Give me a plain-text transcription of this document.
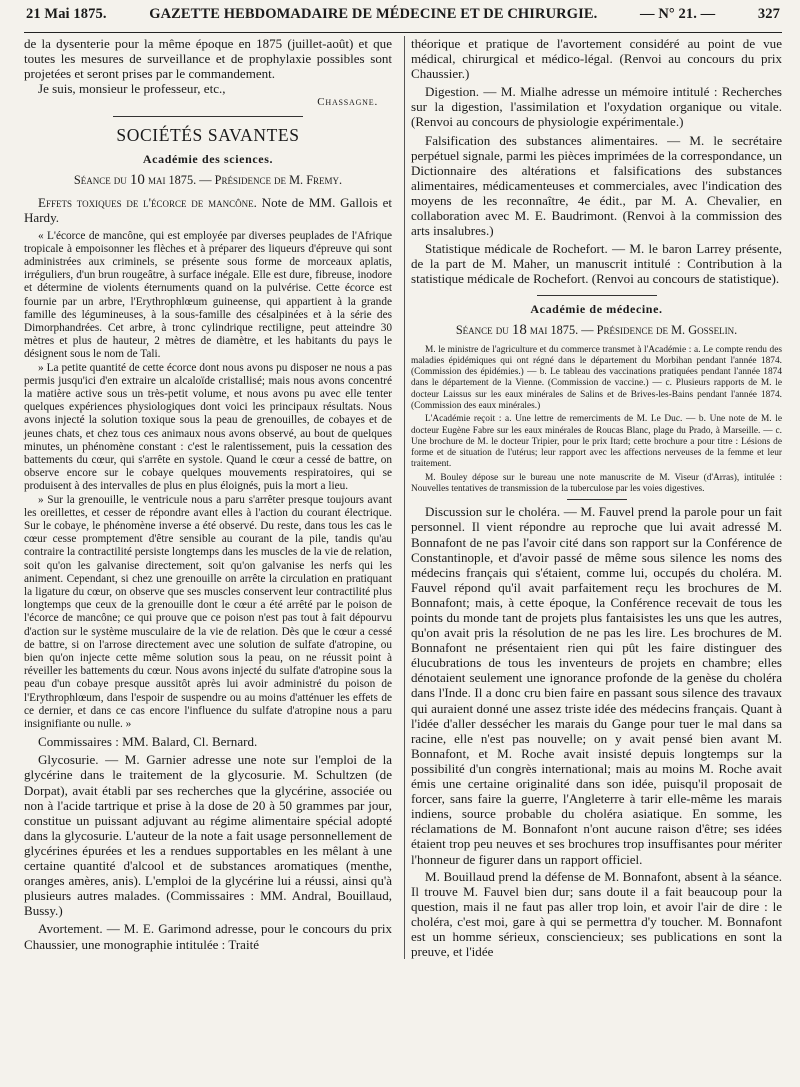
21 Mai 1875.	GAZETTE HEBDOMADAIRE DE MÉDECINE ET DE CHIRURGIE.	— N° 21. —	327

de la dysenterie pour la même époque en 1875 (juillet-août) et que toutes les mesures de surveillance et de prophylaxie possibles sont projetées et seront prises par le commandement.

Je suis, monsieur le professeur, etc.,

Chassagne.

SOCIÉTÉS SAVANTES
Académie des sciences.
Séance du 10 mai 1875. — Présidence de M. Fremy.

Effets toxiques de l'écorce de mancône. Note de MM. Gallois et Hardy.

« L'écorce de mancône, qui est employée par diverses peuplades de l'Afrique tropicale à empoisonner les flèches et à préparer des liqueurs d'épreuve qui sont administrées aux criminels, se présente sous forme de morceaux aplatis, irréguliers, d'un brun rougeâtre, à surface inégale. Elle est dure, fibreuse, inodore et détermine de violents éternuments quand on la pulvérise. Cette écorce est fournie par un arbre, l'Erythrophlœum guineense, qui appartient à la grande famille des légumineuses, à la sous-famille des césalpinées et à la série des Dimorphandrées. Cet arbre, à tronc cylindrique rectiligne, peut atteindre 30 mètres et plus de hauteur, 2 mètres de diamètre, et les habitants du pays le désignent sous le nom de Tali.

» La petite quantité de cette écorce dont nous avons pu disposer ne nous a pas permis jusqu'ici d'en extraire un alcaloïde cristallisé; mais nous avons concentré la matière active sous un très-petit volume, et nous avons pu avec elle tenter quelques expériences physiologiques dont voici les principaux résultats. Nous avons injecté la solution toxique sous la peau de grenouilles, de cobayes et de jeunes chats, et chez tous ces animaux nous avons observé, au bout de quelques minutes, un phénomène constant : c'est le ralentissement, puis la cessation des battements du cœur, qui s'arrête en systole. Quand le cœur a cessé de battre, on observe encore sur le cobaye quelques mouvements respiratoires, qui se produisent à des intervalles de plus en plus éloignés, puis la mort a lieu.

» Sur la grenouille, le ventricule nous a paru s'arrêter presque toujours avant les oreillettes, et cesser de répondre avant elles à l'action du courant électrique. Sur le cobaye, le phénomène inverse a été observé. Du reste, dans tous les cas le cœur cesse promptement d'être sensible au courant de la pile, tandis qu'au contraire la contractilité persiste longtemps dans les muscles de la vie de relation, soit qu'on les galvanise directement, soit qu'on galvanise les nerfs qui les animent. Cependant, si chez une grenouille on arrête la circulation en pratiquant la ligature du cœur, on observe que ses muscles conservent leur contractilité plus longtemps que ceux de la grenouille dont le cœur a été arrêté par le poison de l'écorce de mancône; ce qui prouve que ce poison n'est pas tout à fait dépourvu d'action sur le système musculaire de la vie de relation. Dès que le cœur a cessé de battre, si on l'arrose directement avec une solution de sulfate d'atropine, ou bien qu'on injecte cette même solution sous la peau, on ne réussit point à réveiller les battements du cœur. Nous avons injecté du sulfate d'atropine sous la peau d'un cobaye presque aussitôt après lui avoir administré du poison de l'Erythrophlœum, dans l'espoir de suspendre ou au moins d'atténuer les effets de ce dernier, et dans ce cas encore l'influence du sulfate d'atropine nous a paru insignifiante ou nulle. »

Commissaires : MM. Balard, Cl. Bernard.

Glycosurie. — M. Garnier adresse une note sur l'emploi de la glycérine dans le traitement de la glycosurie. M. Schultzen (de Dorpat), avait établi par ses recherches que la glycérine, associée ou non à l'acide tartrique et prise à la dose de 20 à 50 grammes par jour, constitue un puissant adjuvant au régime alimentaire spécial adopté dans la glycosurie. L'auteur de la note a fait usage personnellement de glycérines épurées et les a rendues supportables en les mêlant à une certaine quantité d'alcool et de substances aromatiques (menthe, oranges amères, anis). L'emploi de la glycérine lui a réussi, ainsi qu'à plusieurs autres malades. (Commissaires : MM. Andral, Bouillaud, Bussy.)

Avortement. — M. E. Garimond adresse, pour le concours du prix Chaussier, une monographie intitulée : Traité

théorique et pratique de l'avortement considéré au point de vue médical, chirurgical et médico-légal. (Renvoi au concours du prix Chaussier.)

Digestion. — M. Mialhe adresse un mémoire intitulé : Recherches sur la digestion, l'assimilation et l'oxydation organique ou vitale. (Renvoi au concours de physiologie expérimentale.)

Falsification des substances alimentaires. — M. le secrétaire perpétuel signale, parmi les pièces imprimées de la correspondance, un Dictionnaire des altérations et falsifications des substances alimentaires, médicamenteuses et commerciales, avec l'indication des moyens de les reconnaître, 4e édit., par M. A. Chevalier, en collaboration avec M. E. Baudrimont. (Renvoi à la commission des arts insalubres.)

Statistique médicale de Rochefort. — M. le baron Larrey présente, de la part de M. Maher, un manuscrit intitulé : Contribution à la statistique médicale de Rochefort. (Renvoi au concours de statistique).

Académie de médecine.
Séance du 18 mai 1875. — Présidence de M. Gosselin.

M. le ministre de l'agriculture et du commerce transmet à l'Académie : a. Le compte rendu des maladies épidémiques qui ont régné dans le département du Morbihan pendant l'année 1874. (Commission des épidémies.) — b. Le tableau des vaccinations pratiquées pendant l'année 1874 dans le département de la Vienne. (Commission de vaccine.) — c. Plusieurs rapports de M. le docteur Laissus sur les eaux minérales de Salins et de Brives-les-Bains pendant l'année 1874. (Commission des eaux minérales.)

L'Académie reçoit : a. Une lettre de remerciments de M. Le Duc. — b. Une note de M. le docteur Eugène Fabre sur les eaux minérales de Roucas Blanc, plage du Prado, à Marseille. — c. Une brochure de M. le docteur Tripier, pour le prix Itard; cette brochure a pour titre : Lésions de forme et de situation de l'utérus; leur rapport avec les affections nerveuses de la femme et leur traitement.

M. Bouley dépose sur le bureau une note manuscrite de M. Viseur (d'Arras), intitulée : Nouvelles tentatives de transmission de la tuberculose par les voies digestives.

Discussion sur le choléra. — M. Fauvel prend la parole pour un fait personnel. Il vient répondre au reproche que lui avait adressé M. Bonnafont de ne pas l'avoir cité dans son rapport sur la Conférence de Constantinople, et d'avoir passé de même sous silence les noms des médecins français qui s'étaient, comme lui, occupés du choléra. M. Fauvel répond qu'il avait parfaitement reçu les brochures de M. Bonnafont; mais, à cette époque, la Conférence recevait de tous les points du monde tant de projets plus fantaisistes les uns que les autres, qu'on avait pris la résolution de ne pas les lire. Les brochures de M. Bonnafont ne présentaient rien qui pût les faire distinguer des élucubrations de tous les inventeurs de projets en chambre; elles dénotaient seulement une ignorance profonde de la genèse du choléra dans l'Inde. Il a donc cru bien faire en passant sous silence des travaux qui auraient donné une assez triste idée des médecins français. Quant à l'idée d'aller dessécher les marais du Gange pour tuer le mal dans sa racine, elle n'est pas nouvelle; on y avait pensé bien avant M. Bonnafont, et M. Roche avait insisté depuis longtemps sur la possibilité d'un congrès international; mais au moins M. Roche avait émis une certaine originalité dans son idée, puisqu'il proposait de forcer, sans faire la guerre, l'Angleterre à tarir elle-même les marais indiens, source probable du choléra asiatique. En somme, les réclamations de M. Bonnafont n'ont aucune raison d'être; ses idées étaient trop peu neuves et ses brochures trop insuffisantes pour mériter l'honneur de figurer dans un rapport officiel.

M. Bouillaud prend la défense de M. Bonnafont, absent à la séance. Il trouve M. Fauvel bien dur; sans doute il a fait beaucoup pour la question, mais il ne faut pas aller trop loin, et avoir l'air de dire : le choléra, c'est moi, gare à qui se permettra d'y toucher. M. Bonnafont est un homme sérieux, consciencieux; ses publications en sont la preuve, et l'idée
